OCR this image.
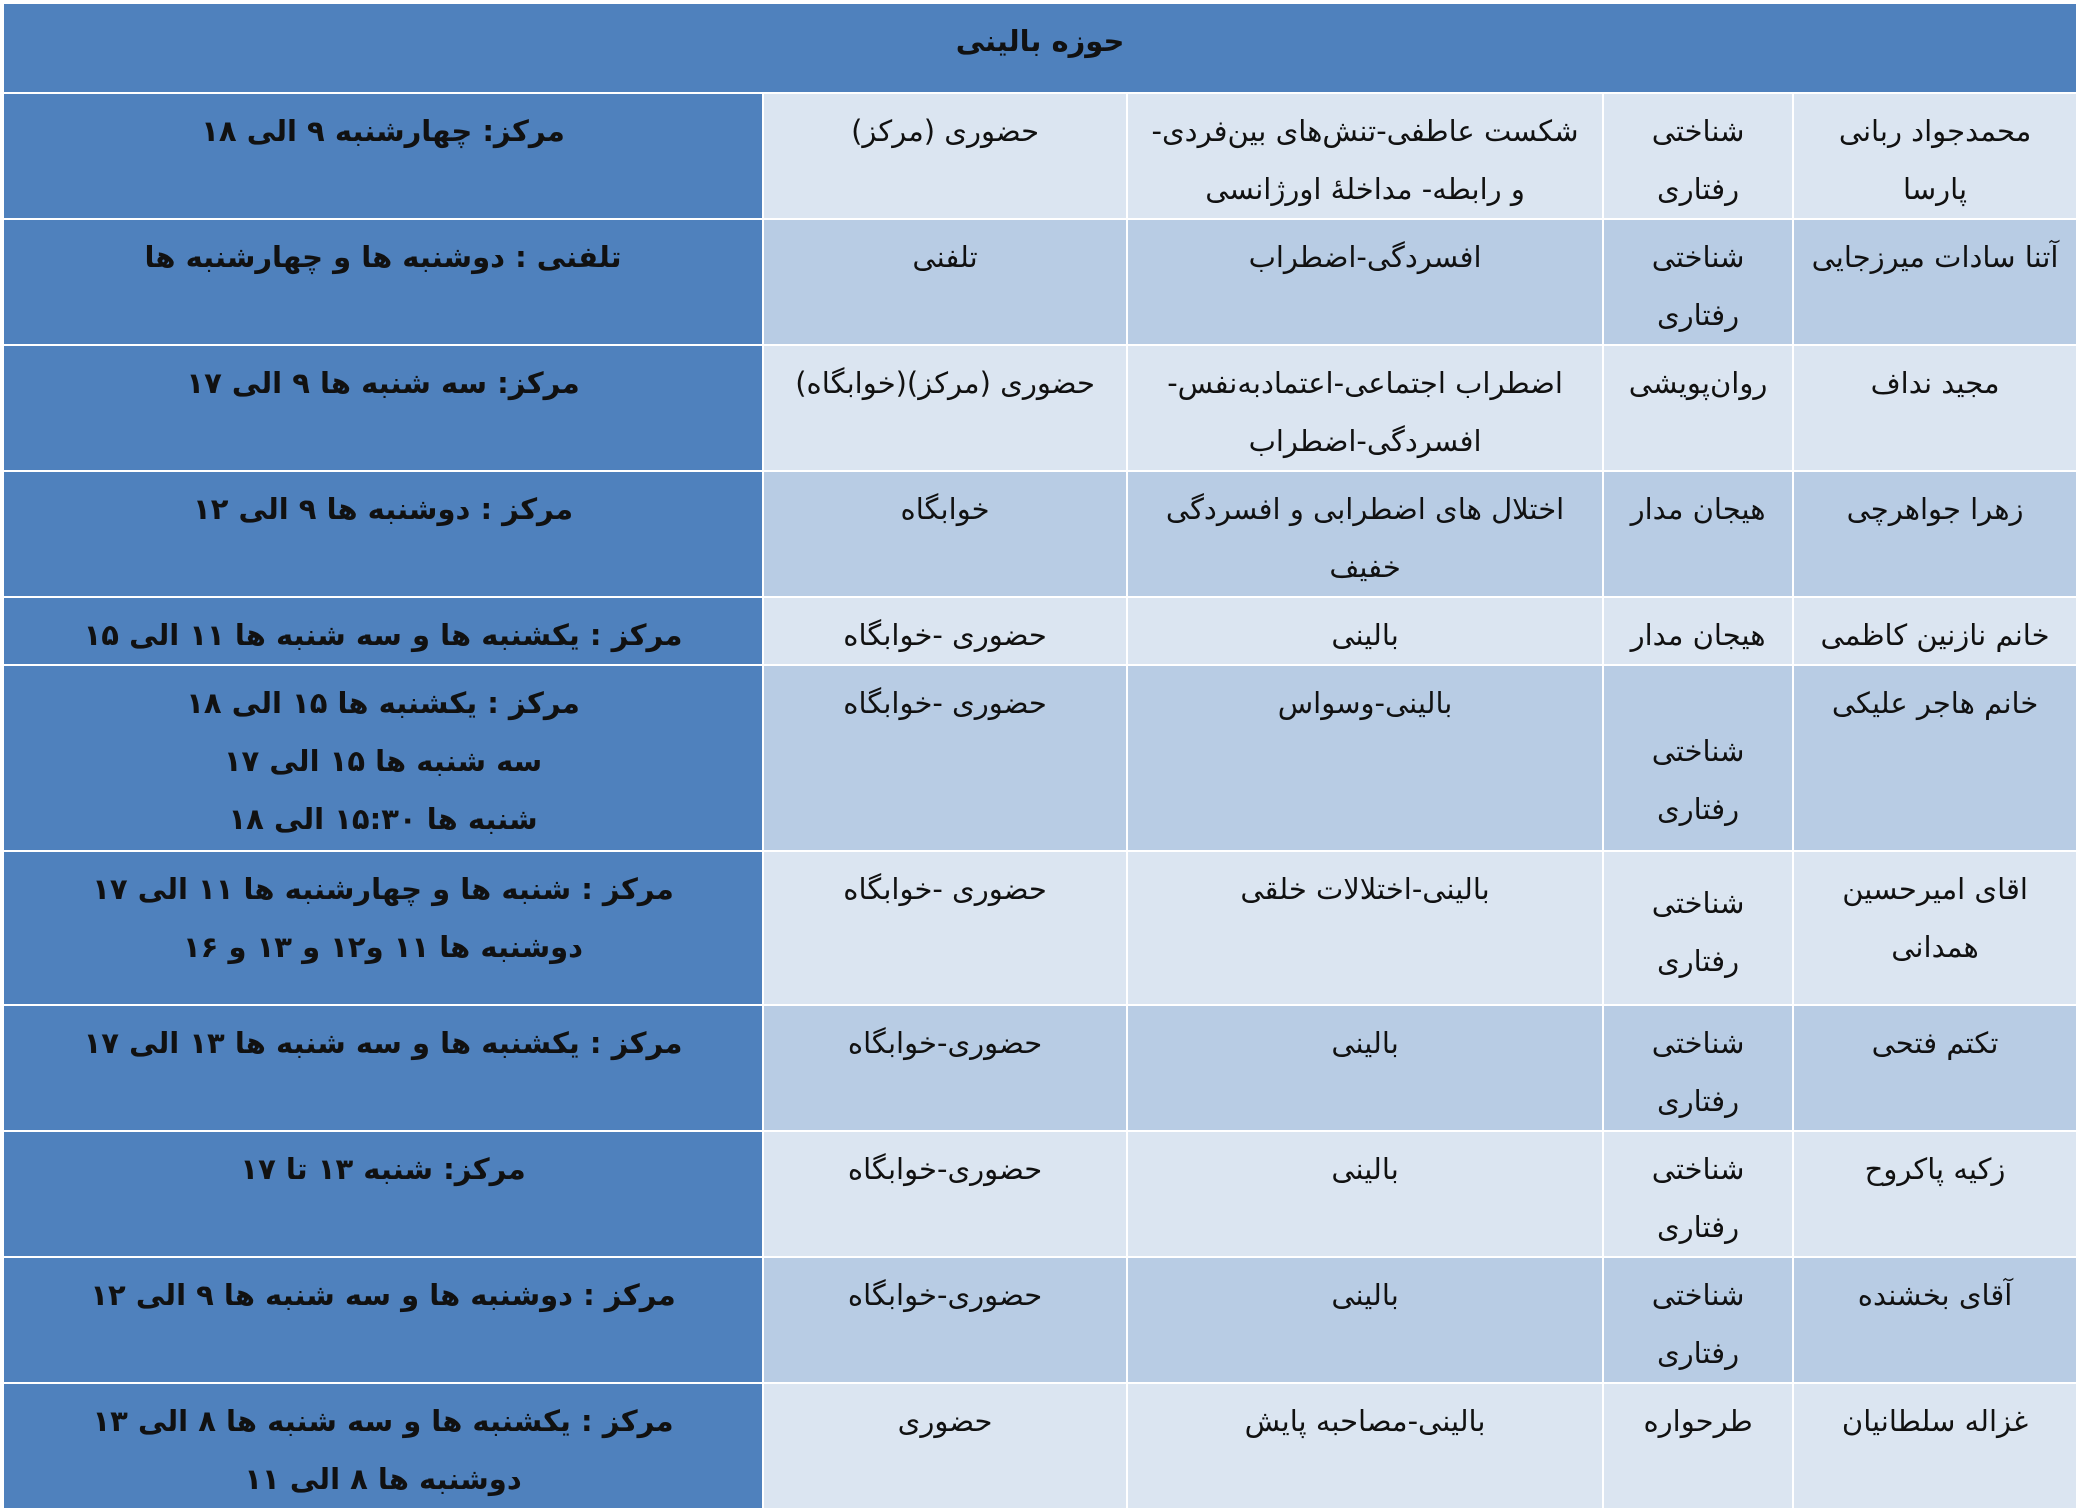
حوزه بالینی				
محمدجواد ربانی پارسا	شناختی
رفتاری	شکست عاطفی-تنش‌های بین‌فردی-
و رابطه- مداخلهٔ اورژانسی	حضوری (مرکز)	مرکز: چهارشنبه ۹ الی ۱۸

آتنا سادات میرزجایی	شناختی
رفتاری	افسردگی-اضطراب	تلفنی	تلفنی : دوشنبه ها و چهارشنبه ها

مجید نداف	روان‌پویشی	اضطراب اجتماعی-اعتمادبه‌نفس-
افسردگی-اضطراب	حضوری (مرکز)(خوابگاه)	مرکز: سه شنبه ها ۹ الی ۱۷

زهرا جواهرچی	هیجان مدار	اختلال های اضطرابی و افسردگی
خفیف	خوابگاه	مرکز : دوشنبه ها ۹ الی ۱۲

خانم نازنین کاظمی	هیجان مدار	بالینی	حضوری -خوابگاه	مرکز : یکشنبه ها و سه شنبه ها ۱۱ الی ۱۵

خانم هاجر علیکی	شناختی
رفتاری	بالینی-وسواس	حضوری -خوابگاه	مرکز : یکشنبه ها ۱۵ الی ۱۸
سه شنبه ها ۱۵ الی ۱۷
شنبه ها ۱۵:۳۰ الی ۱۸

اقای امیرحسین همدانی	شناختی
رفتاری	بالینی-اختلالات خلقی	حضوری -خوابگاه	مرکز : شنبه ها و چهارشنبه ها ۱۱ الی ۱۷
دوشنبه ها ۱۱ و۱۲ و ۱۳ و ۱۶

تکتم فتحی	شناختی
رفتاری	بالینی	حضوری-خوابگاه	مرکز : یکشنبه ها و سه شنبه ها ۱۳ الی ۱۷

زکیه پاکروح	شناختی
رفتاری	بالینی	حضوری-خوابگاه	مرکز: شنبه ۱۳ تا ۱۷

آقای بخشنده	شناختی
رفتاری	بالینی	حضوری-خوابگاه	مرکز : دوشنبه ها و سه شنبه ها ۹ الی ۱۲

غزاله سلطانیان	طرحواره	بالینی-مصاحبه پایش	حضوری	مرکز : یکشنبه ها و سه شنبه ها ۸ الی ۱۳
دوشنبه ها ۸ الی ۱۱
